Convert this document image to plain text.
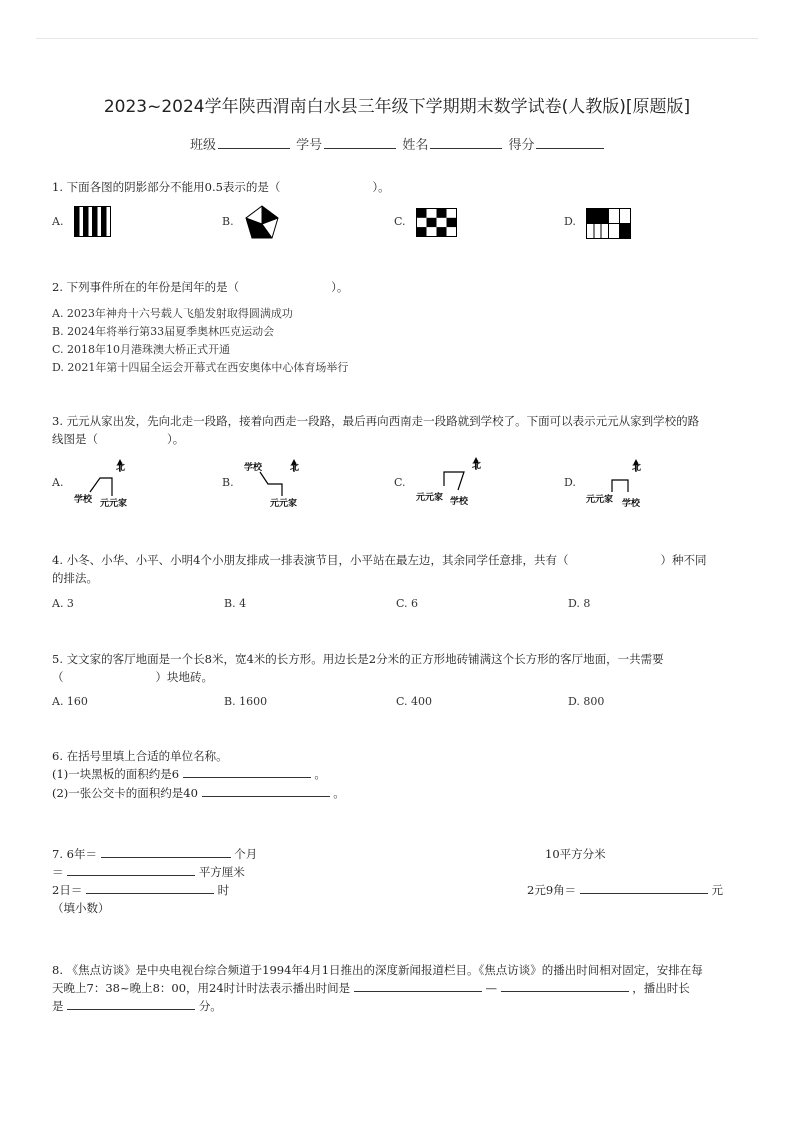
2023~2024学年陕西渭南白水县三年级下学期期末数学试卷(人教版)[原题版]
班级	学号	姓名	得分
1. 下面各图的阴影部分不能用0.5表示的是（　　　　　　　　）。
A.	B.	C.	D.
2. 下列事件所在的年份是闰年的是（　　　　　　　　）。
A. 2023年神舟十六号载人飞船发射取得圆满成功
B. 2024年将举行第33届夏季奥林匹克运动会
C. 2018年10月港珠澳大桥正式开通
D. 2021年第十四届全运会开幕式在西安奥体中心体育场举行
3. 元元从家出发，先向北走一段路，接着向西走一段路，最后再向西南走一段路就到学校了。下面可以表示元元从家到学校的路
线图是（　　　　　　）。
A.
北
学校 元元家
B.
北
学校
元元家
C.
北
元元家 学校
D.
北
元元家 学校
4. 小冬、小华、小平、小明4个小朋友排成一排表演节目，小平站在最左边，其余同学任意排，共有（　　　　　　　　）种不同
的排法。
A. 3	B. 4	C. 6	D. 8
5. 文文家的客厅地面是一个长8米，宽4米的长方形。用边长是2分米的正方形地砖铺满这个长方形的客厅地面，一共需要
（　　　　　　　　）块地砖。
A. 160	B. 1600	C. 400	D. 800
6. 在括号里填上合适的单位名称。
(1)一块黑板的面积约是6	。
(2)一张公交卡的面积约是40	。
7. 6年＝	个月	10平方分米
＝	平方厘米
2日＝	时	2元9角＝	元
（填小数）
8. 《焦点访谈》是中央电视台综合频道于1994年4月1日推出的深度新闻报道栏目。《焦点访谈》的播出时间相对固定，安排在每
天晚上7：38~晚上8：00，用24时计时法表示播出时间是	—	，播出时长
是	分。
